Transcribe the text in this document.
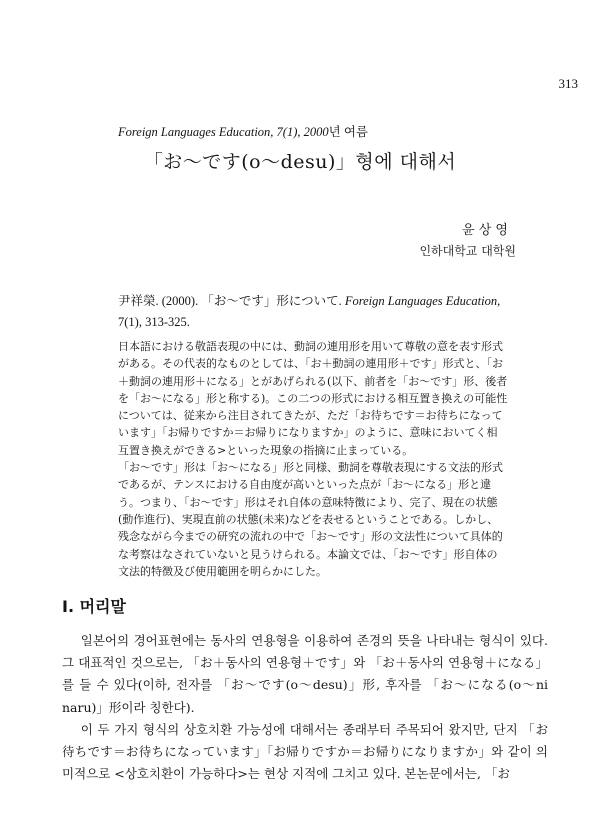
313
Foreign Languages Education, 7(1), 2000년 여름
「お～です(o～desu)」형에 대해서
윤 상 영
인하대학교 대학원
尹祥榮. (2000). 「お～です」形について. Foreign Languages Education,
7(1), 313-325.

日本語における敬語表現の中には、動詞の連用形を用いて尊敬の意を表す形式がある。その代表的なものとしては、「お＋動詞の連用形＋です」形式と、「お＋動詞の連用形＋になる」とがあげられる(以下、前者を「お～です」形、後者を「お～になる」形と称する)。この二つの形式における相互置き換えの可能性については、従来から注目されてきたが、ただ「お待ちです＝お待ちになっています」「お帰りですか＝お帰りになりますか」のように、意味においてく相互置き換えができる>といった現象の指摘に止まっている。

「お～です」形は「お～になる」形と同様、動詞を尊敬表現にする文法的形式であるが、テンスにおける自由度が高いといった点が「お～になる」形と違う。つまり、「お～です」形はそれ自体の意味特徴により、完了、現在の状態(動作進行)、実現直前の状態(未来)などを表せるということである。しかし、残念ながら今までの研究の流れの中で「お～です」形の文法性について具体的な考察はなされていないと見うけられる。本論文では、「お～です」形自体の文法的特徴及び使用範囲を明らかにした。

Ⅰ. 머리말

일본어의 경어표현에는 동사의 연용형을 이용하여 존경의 뜻을 나타내는 형식이 있다. 그 대표적인 것으로는, 「お＋동사의 연용형＋です」와 「お＋동사의 연용형＋になる」를 들 수 있다(이하, 전자를 「お～です(o～desu)」形, 후자를 「お～になる(o～ni naru)」形이라 칭한다).

이 두 가지 형식의 상호치환 가능성에 대해서는 종래부터 주목되어 왔지만, 단지 「お待ちです＝お待ちになっています」「お帰りですか＝お帰りになりますか」와 같이 의미적으로 <상호치환이 가능하다>는 현상 지적에 그치고 있다. 본논문에서는, 「お
